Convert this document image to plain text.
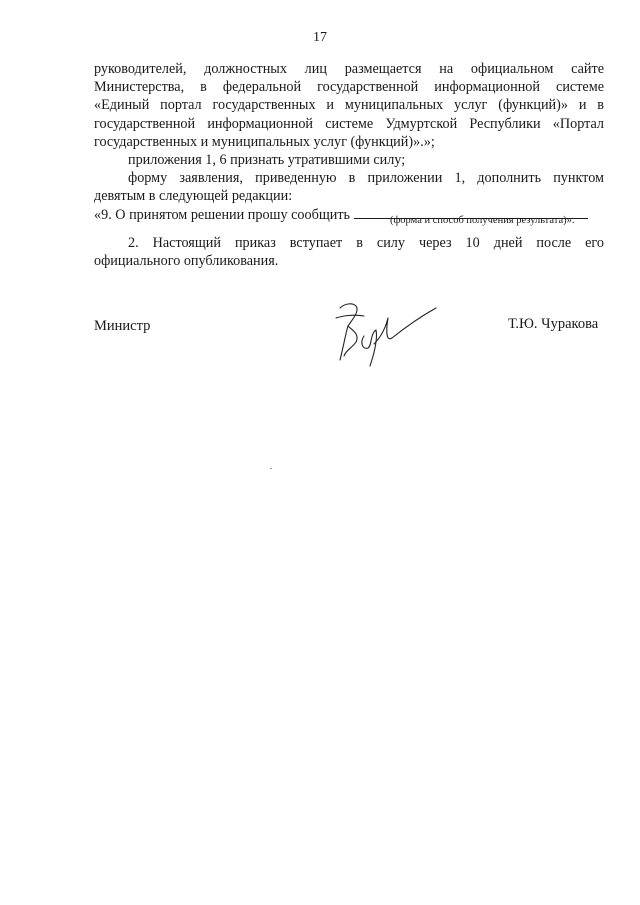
17
руководителей, должностных лиц размещается на официальном сайте
Министерства, в федеральной государственной информационной системе
«Единый портал государственных и муниципальных услуг (функций)» и в
государственной информационной системе Удмуртской Республики «Портал
государственных и муниципальных услуг (функций)».»;
приложения 1, 6 признать утратившими силу;
форму заявления, приведенную в приложении 1, дополнить пунктом
девятым в следующей редакции:
«9. О принятом решении прошу сообщить	(форма и способ получения результата)».
2. Настоящий приказ вступает в силу через 10 дней после его
официального опубликования.
Министр	Т.Ю. Чуракова
